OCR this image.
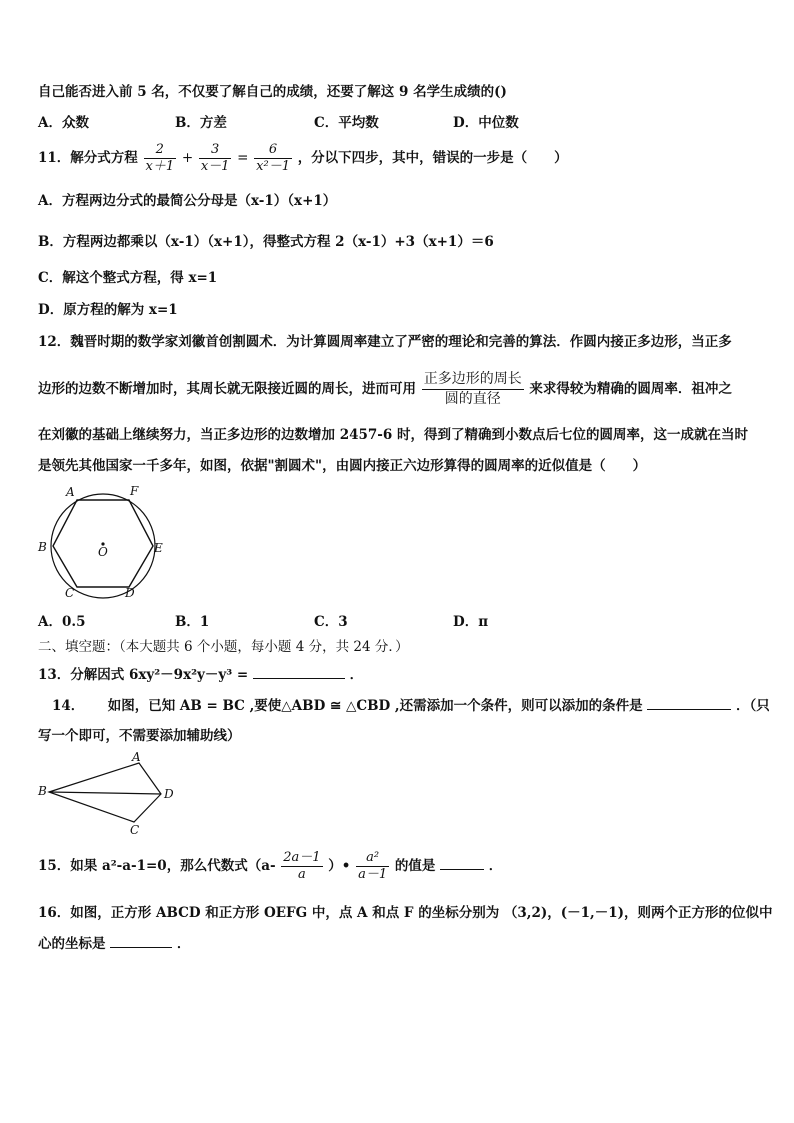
自己能否进入前 5 名，不仅要了解自己的成绩，还要了解这 9 名学生成绩的()
A．众数	B．方差	C．平均数	D．中位数
11．解分式方程 $\frac{2}{x+1} + \frac{3}{x-1} = \frac{6}{\text{x²－1}}$ ，分以下四步，其中，错误的一步是（　　）
A．方程两边分式的最简公分母是（x-1）（x+1）
B．方程两边都乘以（x-1）（x+1），得整式方程 2（x-1）+3（x+1）＝6
C．解这个整式方程，得 x=1
D．原方程的解为 x=1
12．魏晋时期的数学家刘徽首创割圆术．为计算圆周率建立了严密的理论和完善的算法．作圆内接正多边形，当正多
边形的边数不断增加时，其周长就无限接近圆的周长，进而可用 $\frac{\text{正多边形的周长}}{\text{圆的直径}}$ 来求得较为精确的圆周率．祖冲之
在刘徽的基础上继续努力，当正多边形的边数增加 2457-6 时，得到了精确到小数点后七位的圆周率，这一成就在当时
是领先其他国家一千多年，如图，依据"割圆术"，由圆内接正六边形算得的圆周率的近似值是（　　）
A	F
B	E
O
C	D
A．0.5	B．1	C．3	D．π
二、填空题：（本大题共 6 个小题，每小题 4 分，共 24 分．）
13．分解因式 6xy²－9x²y－y³ =	．
14． 如图，已知 AB = BC ,要使△ABD ≅ △CBD ,还需添加一个条件，则可以添加的条件是	．（只
写一个即可，不需要添加辅助线）
A
B	D
C
15．如果 a²-a-1=0，那么代数式（$a- \frac{2a-1}{a}$ ）• $\frac{\text{a²}}{a-1}$ 的值是	．
16．如图，正方形 ABCD 和正方形 OEFG 中，点 A 和点 F 的坐标分别为 （3,2)，(－1,－1)，则两个正方形的位似中
心的坐标是	．
